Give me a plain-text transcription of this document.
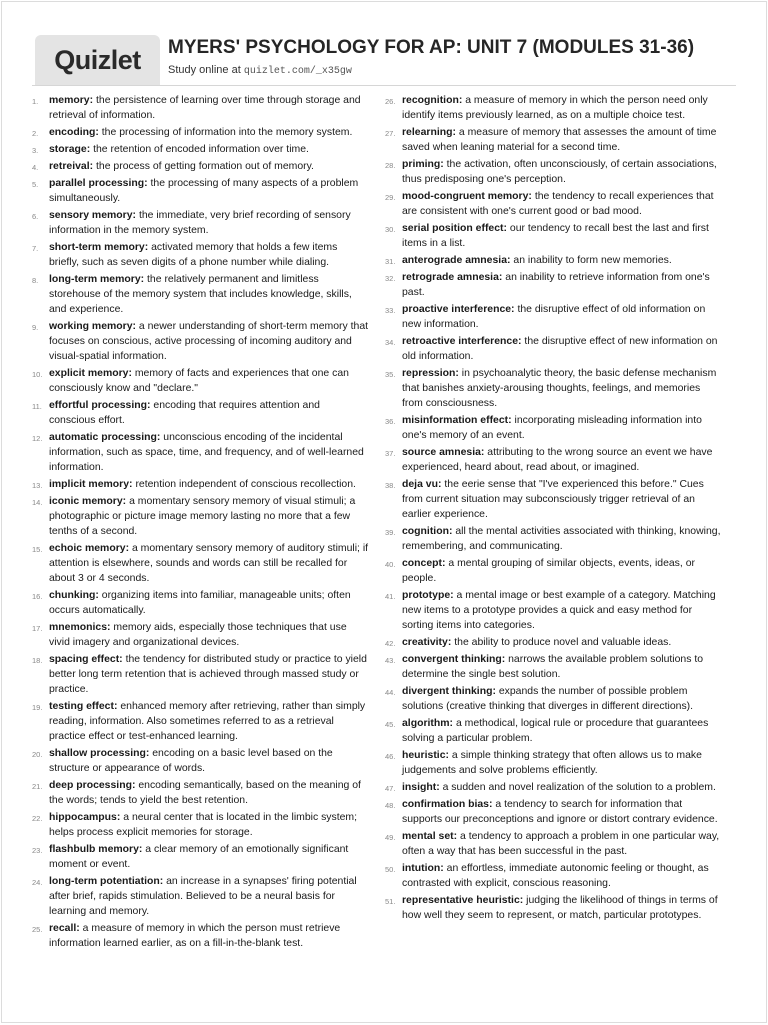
Quizlet	MYERS' PSYCHOLOGY FOR AP: UNIT 7 (MODULES 31-36)
Study online at quizlet.com/_x35gw
1. memory: the persistence of learning over time through storage and retrieval of information.
2. encoding: the processing of information into the memory system.
3. storage: the retention of encoded information over time.
4. retreival: the process of getting formation out of memory.
5. parallel processing: the processing of many aspects of a problem simultaneously.
6. sensory memory: the immediate, very brief recording of sensory information in the memory system.
7. short-term memory: activated memory that holds a few items briefly, such as seven digits of a phone number while dialing.
8. long-term memory: the relatively permanent and limitless storehouse of the memory system that includes knowledge, skills, and experience.
9. working memory: a newer understanding of short-term memory that focuses on conscious, active processing of incoming auditory and visual-spatial information.
10. explicit memory: memory of facts and experiences that one can consciously know and "declare."
11. effortful processing: encoding that requires attention and conscious effort.
12. automatic processing: unconscious encoding of the incidental information, such as space, time, and frequency, and of well-learned information.
13. implicit memory: retention independent of conscious recollection.
14. iconic memory: a momentary sensory memory of visual stimuli; a photographic or picture image memory lasting no more that a few tenths of a second.
15. echoic memory: a momentary sensory memory of auditory stimuli; if attention is elsewhere, sounds and words can still be recalled for about 3 or 4 seconds.
16. chunking: organizing items into familiar, manageable units; often occurs automatically.
17. mnemonics: memory aids, especially those techniques that use vivid imagery and organizational devices.
18. spacing effect: the tendency for distributed study or practice to yield better long term retention that is achieved through massed study or practice.
19. testing effect: enhanced memory after retrieving, rather than simply reading, information. Also sometimes referred to as a retrieval practice effect or test-enhanced learning.
20. shallow processing: encoding on a basic level based on the structure or appearance of words.
21. deep processing: encoding semantically, based on the meaning of the words; tends to yield the best retention.
22. hippocampus: a neural center that is located in the limbic system; helps process explicit memories for storage.
23. flashbulb memory: a clear memory of an emotionally significant moment or event.
24. long-term potentiation: an increase in a synapses' firing potential after brief, rapids stimulation. Believed to be a neural basis for learning and memory.
25. recall: a measure of memory in which the person must retrieve information learned earlier, as on a fill-in-the-blank test.
26. recognition: a measure of memory in which the person need only identify items previously learned, as on a multiple choice test.
27. relearning: a measure of memory that assesses the amount of time saved when leaning material for a second time.
28. priming: the activation, often unconsciously, of certain associations, thus predisposing one's perception.
29. mood-congruent memory: the tendency to recall experiences that are consistent with one's current good or bad mood.
30. serial position effect: our tendency to recall best the last and first items in a list.
31. anterograde amnesia: an inability to form new memories.
32. retrograde amnesia: an inability to retrieve information from one's past.
33. proactive interference: the disruptive effect of old information on new information.
34. retroactive interference: the disruptive effect of new information on old information.
35. repression: in psychoanalytic theory, the basic defense mechanism that banishes anxiety-arousing thoughts, feelings, and memories from consciousness.
36. misinformation effect: incorporating misleading information into one's memory of an event.
37. source amnesia: attributing to the wrong source an event we have experienced, heard about, read about, or imagined.
38. deja vu: the eerie sense that "I've experienced this before." Cues from current situation may subconsciously trigger retrieval of an earlier experience.
39. cognition: all the mental activities associated with thinking, knowing, remembering, and communicating.
40. concept: a mental grouping of similar objects, events, ideas, or people.
41. prototype: a mental image or best example of a category. Matching new items to a prototype provides a quick and easy method for sorting items into categories.
42. creativity: the ability to produce novel and valuable ideas.
43. convergent thinking: narrows the available problem solutions to determine the single best solution.
44. divergent thinking: expands the number of possible problem solutions (creative thinking that diverges in different directions).
45. algorithm: a methodical, logical rule or procedure that guarantees solving a particular problem.
46. heuristic: a simple thinking strategy that often allows us to make judgements and solve problems efficiently.
47. insight: a sudden and novel realization of the solution to a problem.
48. confirmation bias: a tendency to search for information that supports our preconceptions and ignore or distort contrary evidence.
49. mental set: a tendency to approach a problem in one particular way, often a way that has been successful in the past.
50. intution: an effortless, immediate autonomic feeling or thought, as contrasted with explicit, conscious reasoning.
51. representative heuristic: judging the likelihood of things in terms of how well they seem to represent, or match, particular prototypes.
